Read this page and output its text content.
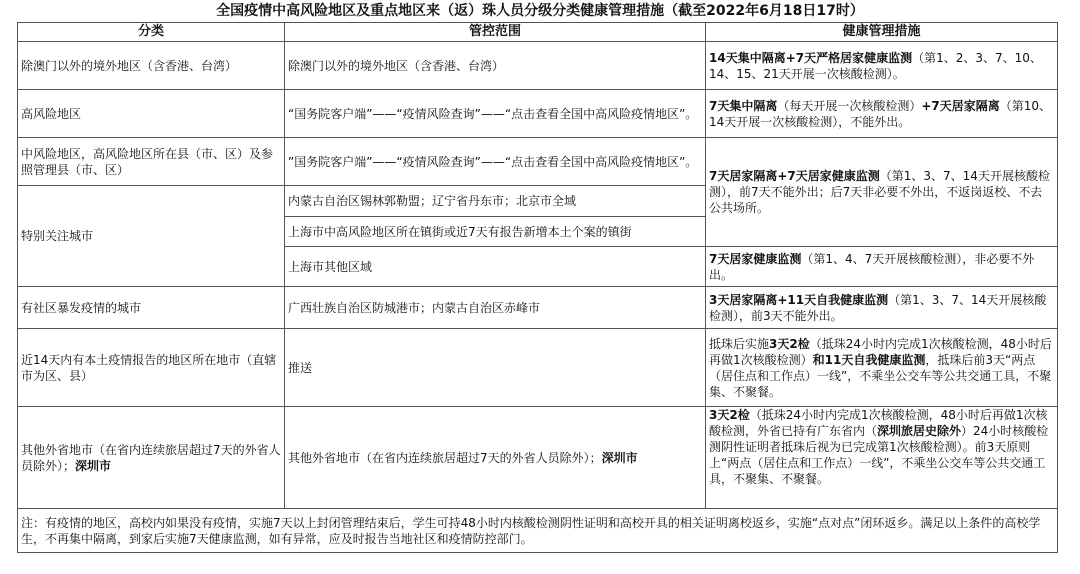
全国疫情中高风险地区及重点地区来（返）珠人员分级分类健康管理措施（截至2022年6月18日17时）
分类	管控范围	健康管理措施
除澳门以外的境外地区（含香港、台湾）	除澳门以外的境外地区（含香港、台湾）	14天集中隔离+7天严格居家健康监测（第1、2、3、7、10、14、15、21天开展一次核酸检测）。
高风险地区	“国务院客户端”——“疫情风险查询”——“点击查看全国中高风险疫情地区”。	7天集中隔离（每天开展一次核酸检测）+7天居家隔离（第10、14天开展一次核酸检测），不能外出。
中风险地区，高风险地区所在县（市、区）及参照管理县（市、区）	”国务院客户端”——“疫情风险查询”——“点击查看全国中高风险疫情地区”。	7天居家隔离+7天居家健康监测（第1、3、7、14天开展核酸检测），前7天不能外出；后7天非必要不外出，不返岗返校、不去公共场所。
特别关注城市	内蒙古自治区锡林郭勒盟；辽宁省丹东市；北京市全域	
	上海市中高风险地区所在镇街或近7天有报告新增本土个案的镇街	
	上海市其他区域	7天居家健康监测（第1、4、7天开展核酸检测），非必要不外出。
有社区暴发疫情的城市	广西壮族自治区防城港市；内蒙古自治区赤峰市	3天居家隔离+11天自我健康监测（第1、3、7、14天开展核酸检测），前3天不能外出。
近14天内有本土疫情报告的地区所在地市（直辖市为区、县）	推送	抵珠后实施3天2检（抵珠24小时内完成1次核酸检测，48小时后再做1次核酸检测）和11天自我健康监测，抵珠后前3天“两点（居住点和工作点）一线”，不乘坐公交车等公共交通工具，不聚集、不聚餐。
其他外省地市（在省内连续旅居超过7天的外省人员除外）；深圳市	其他外省地市（在省内连续旅居超过7天的外省人员除外）；深圳市	3天2检（抵珠24小时内完成1次核酸检测，48小时后再做1次核酸检测，外省已持有广东省内（深圳旅居史除外）24小时核酸检测阴性证明者抵珠后视为已完成第1次核酸检测）。前3天原则上“两点（居住点和工作点）一线”，不乘坐公交车等公共交通工具，不聚集、不聚餐。
注：有疫情的地区，高校内如果没有疫情，实施7天以上封闭管理结束后，学生可持48小时内核酸检测阴性证明和高校开具的相关证明离校返乡，实施“点对点”闭环返乡。满足以上条件的高校学生，不再集中隔离，到家后实施7天健康监测，如有异常，应及时报告当地社区和疫情防控部门。		
